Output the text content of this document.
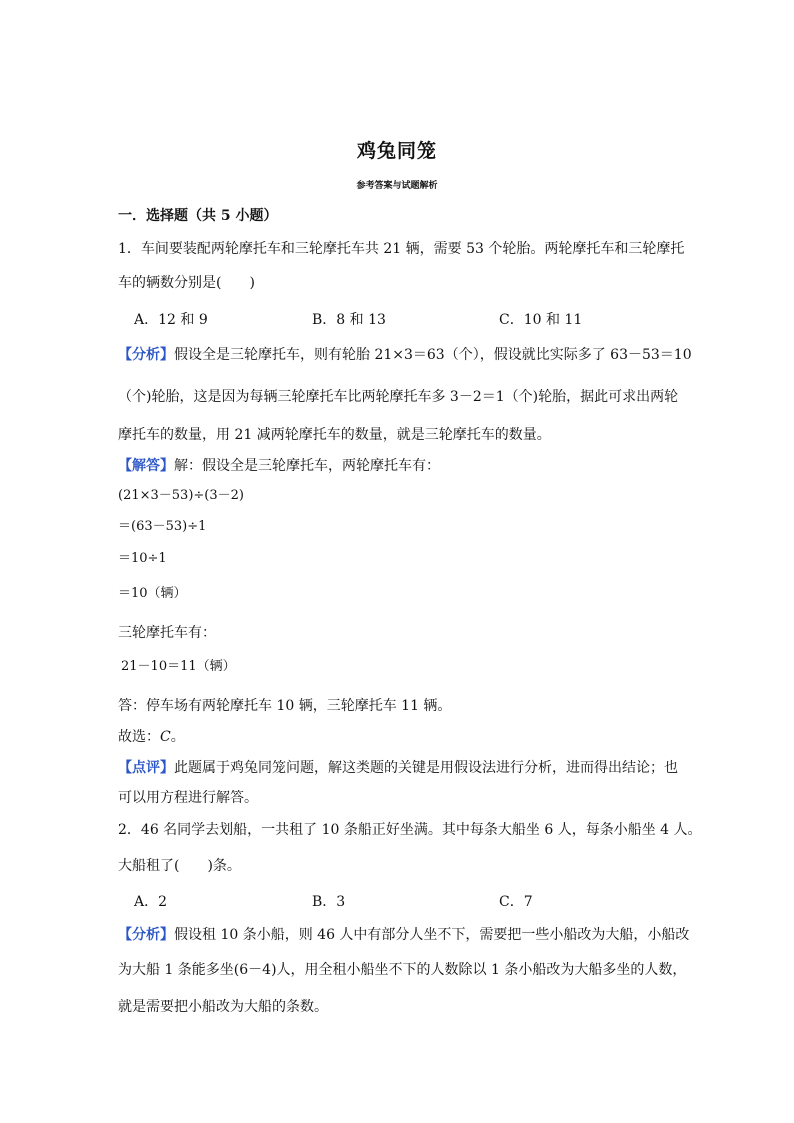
鸡兔同笼
参考答案与试题解析
一．选择题（共 5 小题）
1．车间要装配两轮摩托车和三轮摩托车共 21 辆，需要 53 个轮胎。两轮摩托车和三轮摩托
车的辆数分别是(　　)
A．12 和 9	B．8 和 13	C．10 和 11
【分析】假设全是三轮摩托车，则有轮胎 21×3＝63（个），假设就比实际多了 63－53＝10
（个)轮胎，这是因为每辆三轮摩托车比两轮摩托车多 3－2＝1（个)轮胎，据此可求出两轮
摩托车的数量，用 21 减两轮摩托车的数量，就是三轮摩托车的数量。
【解答】解：假设全是三轮摩托车，两轮摩托车有：
(21×3－53)÷(3－2)
＝(63－53)÷1
＝10÷1
＝10（辆）
三轮摩托车有：
21－10＝11（辆）
答：停车场有两轮摩托车 10 辆，三轮摩托车 11 辆。
故选：C。
【点评】此题属于鸡兔同笼问题，解这类题的关键是用假设法进行分析，进而得出结论；也
可以用方程进行解答。
2．46 名同学去划船，一共租了 10 条船正好坐满。其中每条大船坐 6 人，每条小船坐 4 人。
大船租了(　　)条。
A．2	B．3	C．7
【分析】假设租 10 条小船，则 46 人中有部分人坐不下，需要把一些小船改为大船，小船改
为大船 1 条能多坐(6－4)人，用全租小船坐不下的人数除以 1 条小船改为大船多坐的人数，
就是需要把小船改为大船的条数。
